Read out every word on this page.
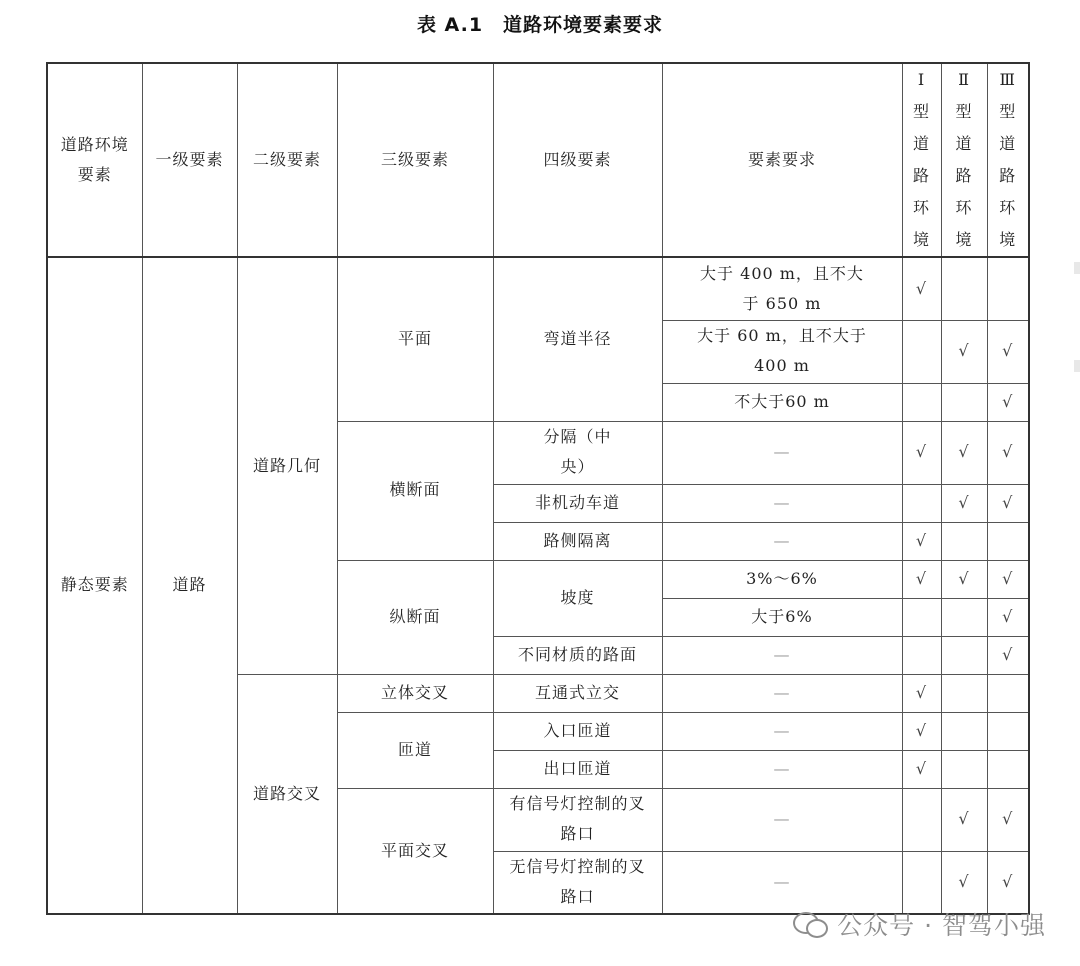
表 A.1　道路环境要素要求
道路环境要素	一级要素	二级要素	三级要素	四级要素	要素要求	Ⅰ型道路环境	Ⅱ型道路环境	Ⅲ型道路环境
静态要素	道路	道路几何	平面	弯道半径	大于 400 m，且不大于 650 m	√		
					大于 60 m，且不大于 400 m		√	√
					不大于60 m			√
			横断面	分隔（中央）	—	√	√	√
				非机动车道	—		√	√
				路侧隔离	—	√		
			纵断面	坡度	3%～6%	√	√	√
					大于6%			√
				不同材质的路面	—			√
		道路交叉	立体交叉	互通式立交	—	√		
			匝道	入口匝道	—	√		
				出口匝道	—	√		
			平面交叉	有信号灯控制的叉路口	—		√	√
				无信号灯控制的叉路口	—		√	√
公众号 · 智驾小强
